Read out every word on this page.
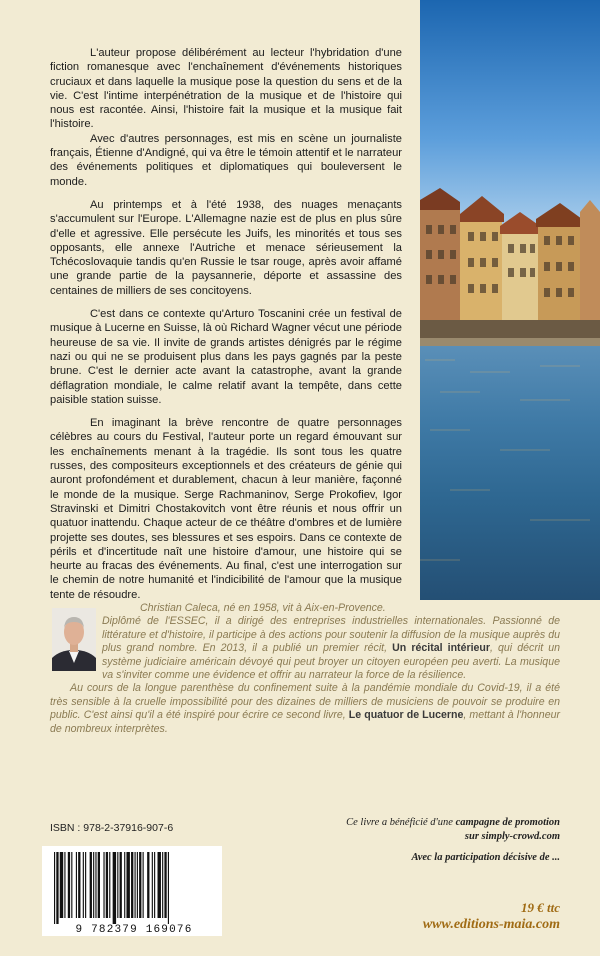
L'auteur propose délibérément au lecteur l'hybridation d'une fiction romanesque avec l'enchaînement d'événements historiques cruciaux et dans laquelle la musique pose la question du sens et de la vie. C'est l'intime interpénétration de la musique et de l'histoire qui nous est racontée. Ainsi, l'histoire fait la musique et la musique fait l'histoire.

Avec d'autres personnages, est mis en scène un journaliste français, Étienne d'Andigné, qui va être le témoin attentif et le narrateur des événements politiques et diplomatiques qui bouleversent le monde.

Au printemps et à l'été 1938, des nuages menaçants s'accumulent sur l'Europe. L'Allemagne nazie est de plus en plus sûre d'elle et agressive. Elle persécute les Juifs, les minorités et tous ses opposants, elle annexe l'Autriche et menace sérieusement la Tchécoslovaquie tandis qu'en Russie le tsar rouge, après avoir affamé une grande partie de la paysannerie, déporte et assassine des centaines de milliers de ses concitoyens.

C'est dans ce contexte qu'Arturo Toscanini crée un festival de musique à Lucerne en Suisse, là où Richard Wagner vécut une période heureuse de sa vie. Il invite de grands artistes dénigrés par le régime nazi ou qui ne se produisent plus dans les pays gagnés par la peste brune. C'est le dernier acte avant la catastrophe, avant la grande déflagration mondiale, le calme relatif avant la tempête, dans cette paisible station suisse.

En imaginant la brève rencontre de quatre personnages célèbres au cours du Festival, l'auteur porte un regard émouvant sur les enchaînements menant à la tragédie. Ils sont tous les quatre russes, des compositeurs exceptionnels et des créateurs de génie qui auront profondément et durablement, chacun à leur manière, façonné le monde de la musique. Serge Rachmaninov, Serge Prokofiev, Igor Stravinski et Dimitri Chostakovitch vont être réunis et nous offrir un quatuor inattendu. Chaque acteur de ce théâtre d'ombres et de lumière projette ses doutes, ses blessures et ses espoirs. Dans ce contexte de périls et d'incertitude naît une histoire d'amour, une histoire qui se heurte au fracas des événements. Au final, c'est une interrogation sur le chemin de notre humanité et l'indicibilité de l'amour que la musique tente de résoudre.

Christian Caleca, né en 1958, vit à Aix-en-Provence.

Diplômé de l'ESSEC, il a dirigé des entreprises industrielles internationales. Passionné de littérature et d'histoire, il participe à des actions pour soutenir la diffusion de la musique auprès du plus grand nombre. En 2013, il a publié un premier récit, Un récital intérieur, qui décrit un système judiciaire américain dévoyé qui peut broyer un citoyen européen peu averti. La musique va s'inviter comme une évidence et offrir au narrateur la force de la résilience.

Au cours de la longue parenthèse du confinement suite à la pandémie mondiale du Covid-19, il a été très sensible à la cruelle impossibilité pour des dizaines de milliers de musiciens de pouvoir se produire en public. C'est ainsi qu'il a été inspiré pour écrire ce second livre, Le quatuor de Lucerne, mettant à l'honneur de nombreux interprètes.

ISBN : 978-2-37916-907-6
9 782379 169076
Ce livre a bénéficié d'une campagne de promotion
sur simply-crowd.com
Avec la participation décisive de ...
19 € ttc
www.editions-maia.com
